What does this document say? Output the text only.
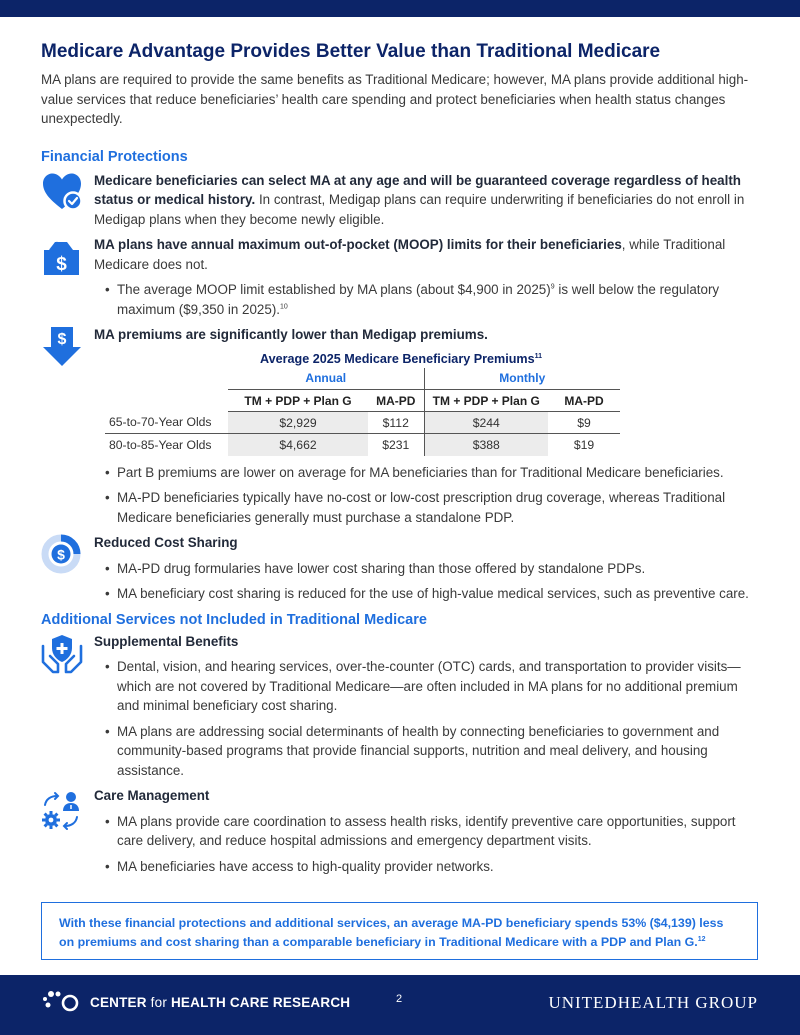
Medicare Advantage Provides Better Value than Traditional Medicare

MA plans are required to provide the same benefits as Traditional Medicare; however, MA plans provide additional high-value services that reduce beneficiaries’ health care spending and protect beneficiaries when health status changes unexpectedly.

Financial Protections

Medicare beneficiaries can select MA at any age and will be guaranteed coverage regardless of health status or medical history. In contrast, Medigap plans can require underwriting if beneficiaries do not enroll in Medigap plans when they become newly eligible.

$

MA plans have annual maximum out-of-pocket (MOOP) limits for their beneficiaries, while Traditional Medicare does not.

• The average MOOP limit established by MA plans (about $4,900 in 2025)$^9$ is well below the regulatory maximum ($9,350 in 2025).$^{10}$
$ MA premiums are significantly lower than Medigap premiums.
Average 2025 Medicare Beneficiary Premiums$^{11}$
	Annual		Monthly	
	TM + PDP + Plan G	MA-PD	TM + PDP + Plan G	MA-PD
65-to-70-Year Olds	$2,929	$112	$244	$9
80-to-85-Year Olds	$4,662	$231	$388	$19
• Part B premiums are lower on average for MA beneficiaries than for Traditional Medicare beneficiaries.
• MA-PD beneficiaries typically have no-cost or low-cost prescription drug coverage, whereas Traditional Medicare beneficiaries generally must purchase a standalone PDP.
$
Reduced Cost Sharing
• MA-PD drug formularies have lower cost sharing than those offered by standalone PDPs.
• MA beneficiary cost sharing is reduced for the use of high-value medical services, such as preventive care.
Additional Services not Included in Traditional Medicare
Supplemental Benefits
• Dental, vision, and hearing services, over-the-counter (OTC) cards, and transportation to provider visits—which are not covered by Traditional Medicare—are often included in MA plans for no additional premium and minimal beneficiary cost sharing.
• MA plans are addressing social determinants of health by connecting beneficiaries to government and community-based programs that provide financial supports, nutrition and meal delivery, and housing assistance.
Care Management
• MA plans provide care coordination to assess health risks, identify preventive care opportunities, support care delivery, and reduce hospital admissions and emergency department visits.
• MA beneficiaries have access to high-quality provider networks.
With these financial protections and additional services, an average MA-PD beneficiary spends 53% ($4,139) less on premiums and cost sharing than a comparable beneficiary in Traditional Medicare with a PDP and Plan G.$^{12}$
CENTER for HEALTH CARE RESEARCH	2	UNITEDHEALTH GROUP
